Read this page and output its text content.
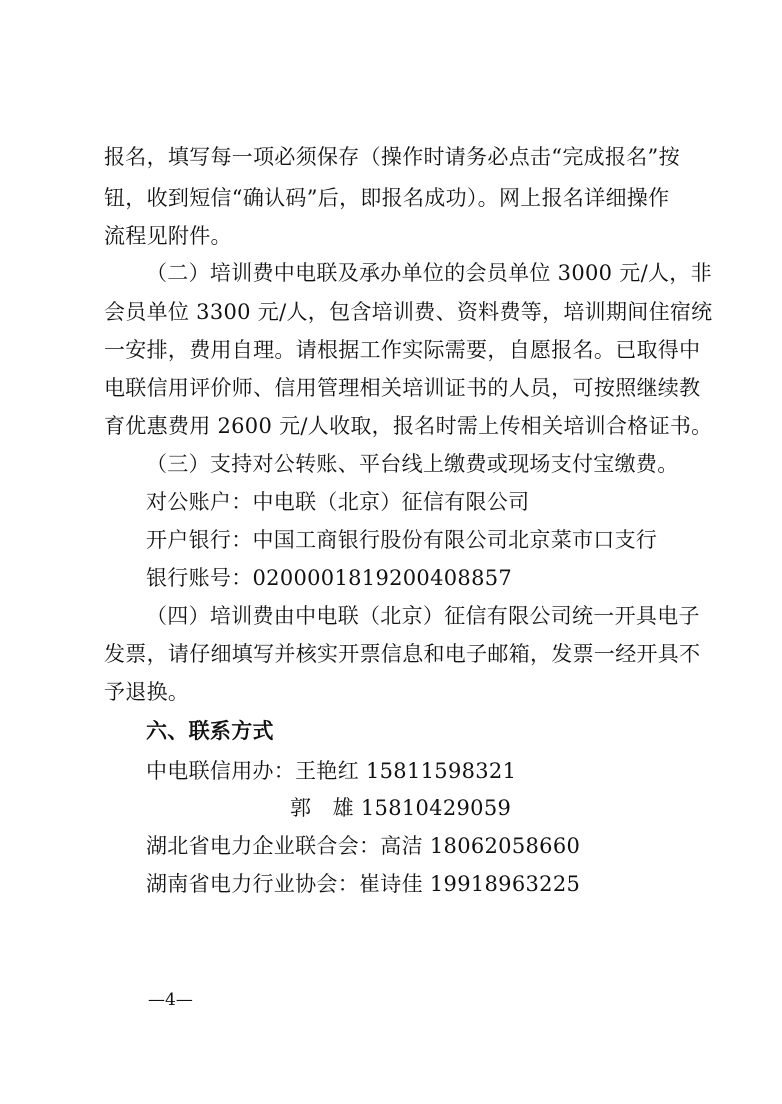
报名，填写每一项必须保存（操作时请务必点击“完成报名”按
钮，收到短信“确认码”后，即报名成功）。网上报名详细操作
流程见附件。
（二）培训费中电联及承办单位的会员单位 3000 元/人，非
会员单位 3300 元/人，包含培训费、资料费等，培训期间住宿统
一安排，费用自理。请根据工作实际需要，自愿报名。已取得中
电联信用评价师、信用管理相关培训证书的人员，可按照继续教
育优惠费用 2600 元/人收取，报名时需上传相关培训合格证书。
（三）支持对公转账、平台线上缴费或现场支付宝缴费。
对公账户：中电联（北京）征信有限公司
开户银行：中国工商银行股份有限公司北京菜市口支行
银行账号：0200001819200408857
（四）培训费由中电联（北京）征信有限公司统一开具电子
发票，请仔细填写并核实开票信息和电子邮箱，发票一经开具不
予退换。
六、联系方式
中电联信用办：王艳红 15811598321
郭　雄 15810429059
湖北省电力企业联合会：高洁 18062058660
湖南省电力行业协会：崔诗佳 19918963225
—4—
